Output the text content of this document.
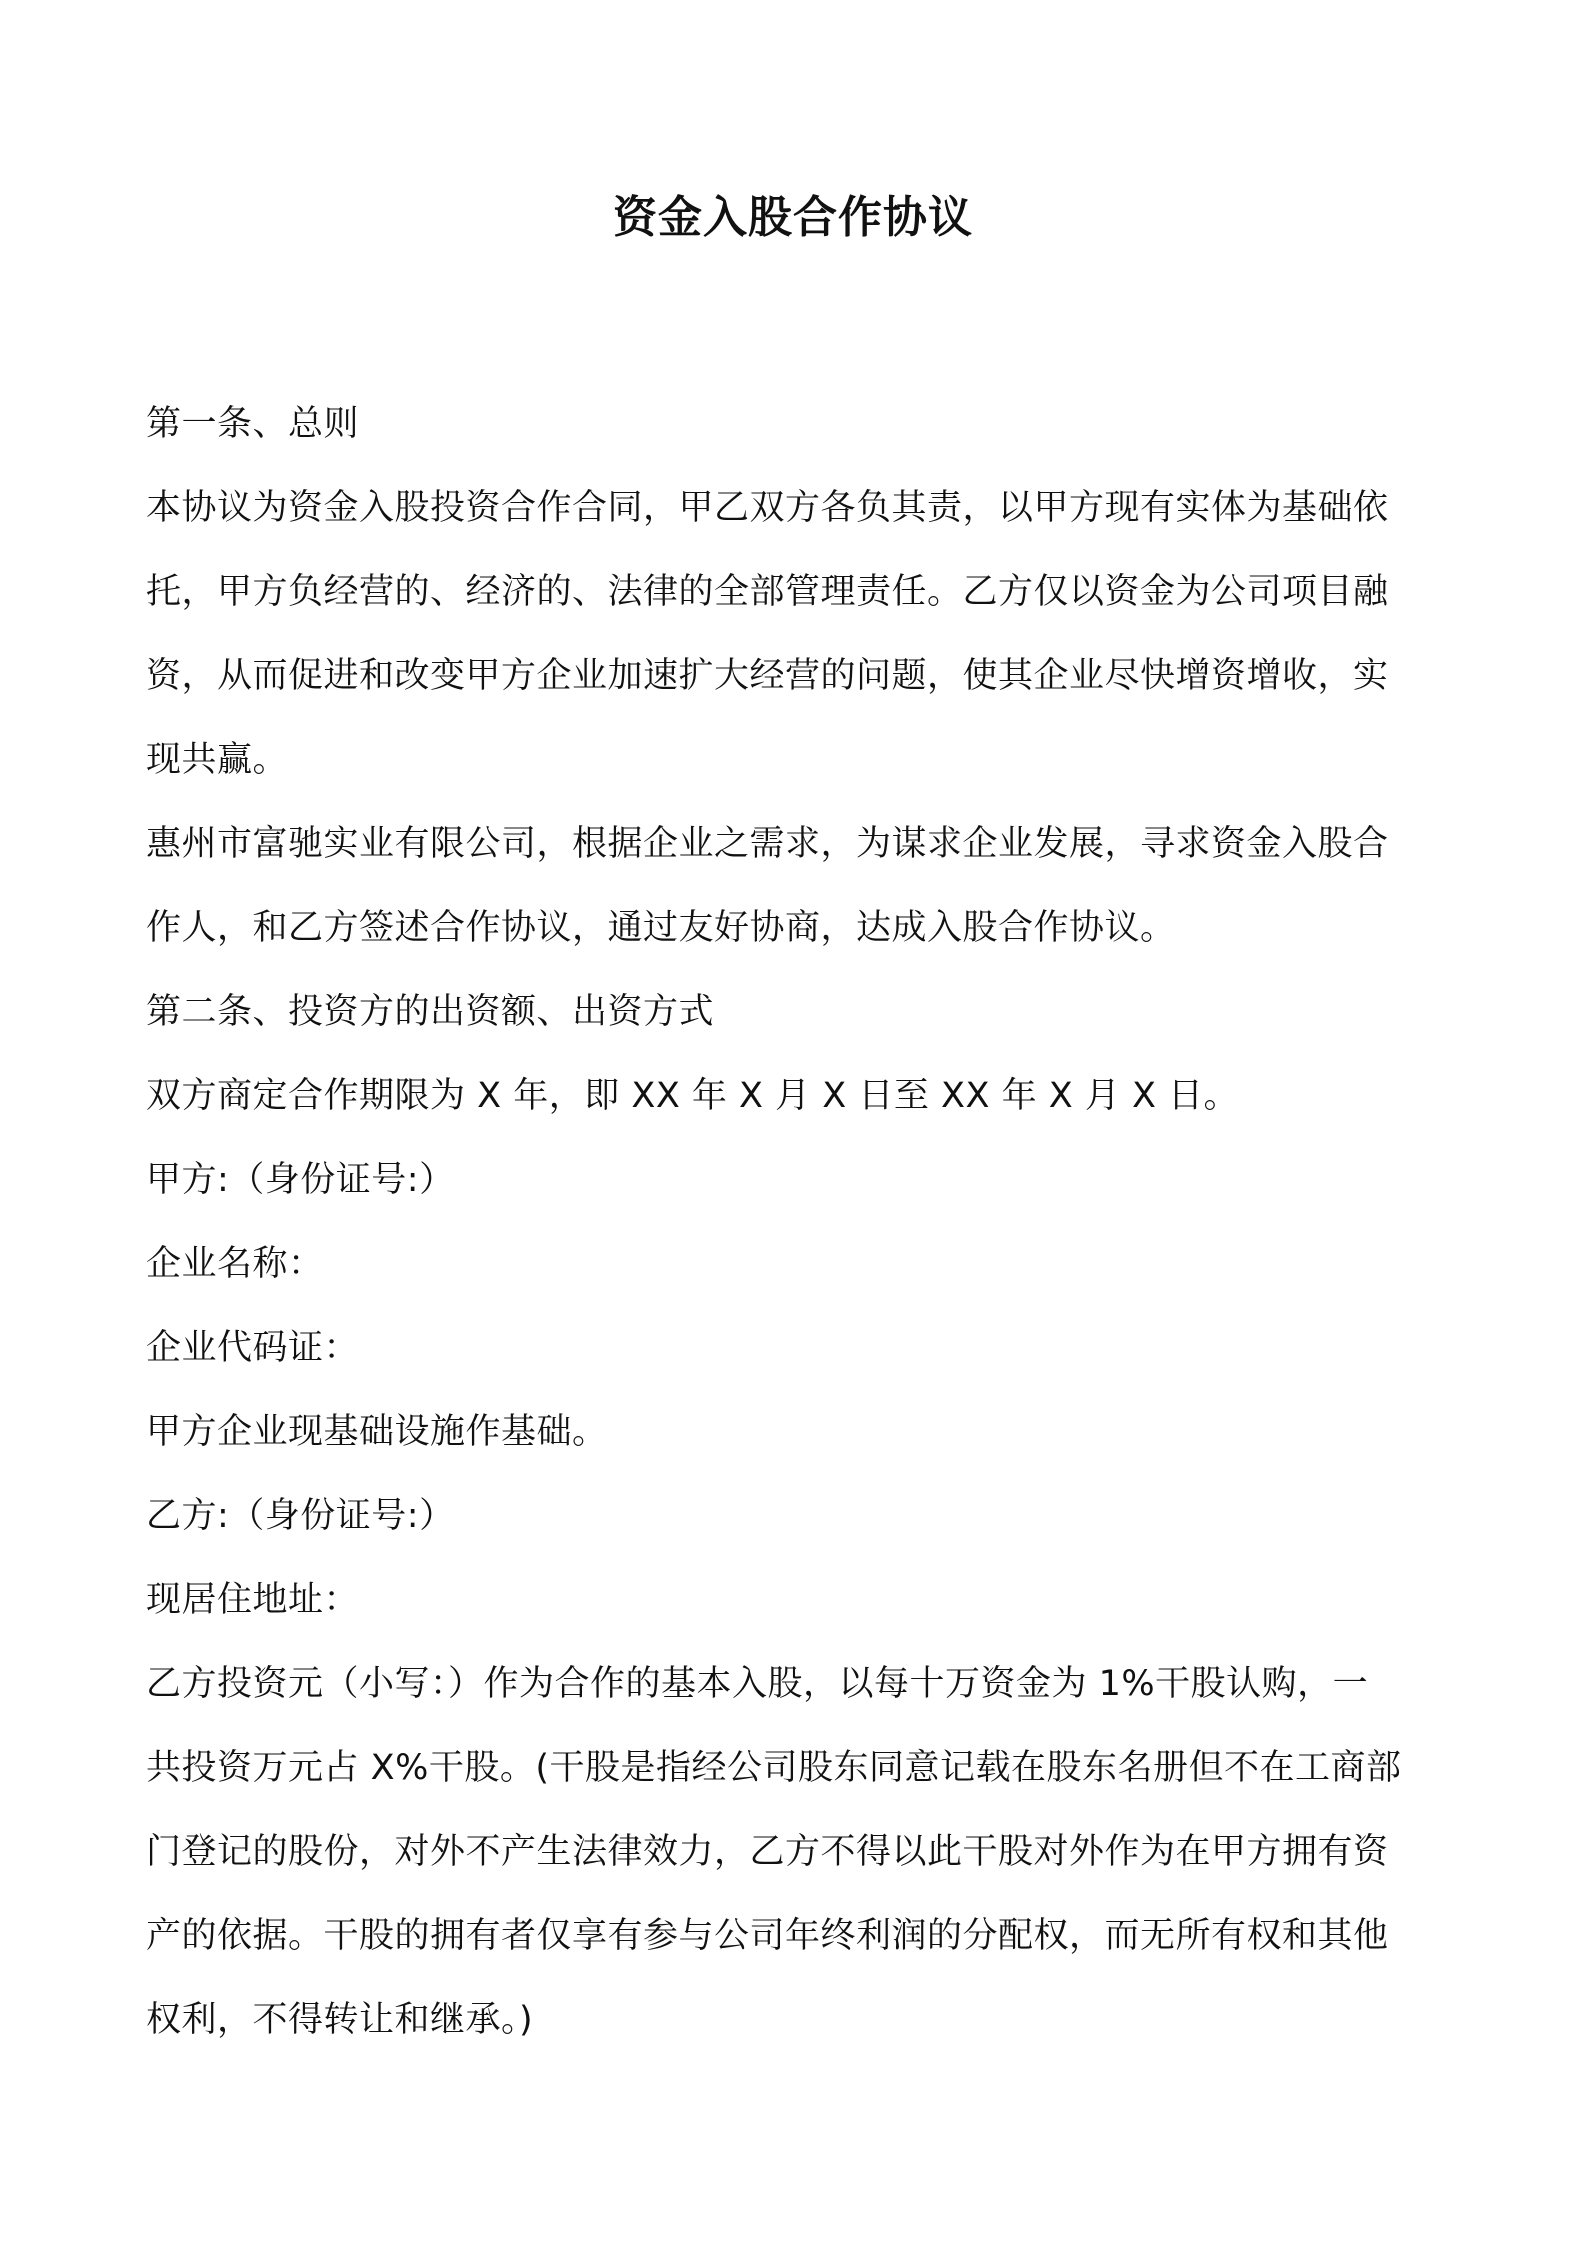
资金入股合作协议
第一条、总则
本协议为资金入股投资合作合同，甲乙双方各负其责，以甲方现有实体为基础依
托，甲方负经营的、经济的、法律的全部管理责任。乙方仅以资金为公司项目融
资，从而促进和改变甲方企业加速扩大经营的问题，使其企业尽快增资增收，实
现共赢。
惠州市富驰实业有限公司，根据企业之需求，为谋求企业发展，寻求资金入股合
作人，和乙方签述合作协议，通过友好协商，达成入股合作协议。
第二条、投资方的出资额、出资方式
双方商定合作期限为 X 年，即 XX 年 X 月 X 日至 XX 年 X 月 X 日。
甲方:（身份证号:）
企业名称：
企业代码证：
甲方企业现基础设施作基础。
乙方:（身份证号:）
现居住地址：
乙方投资元（小写：）作为合作的基本入股，以每十万资金为 1%干股认购，一
共投资万元占 X%干股。(干股是指经公司股东同意记载在股东名册但不在工商部
门登记的股份，对外不产生法律效力，乙方不得以此干股对外作为在甲方拥有资
产的依据。干股的拥有者仅享有参与公司年终利润的分配权，而无所有权和其他
权利，不得转让和继承。)
